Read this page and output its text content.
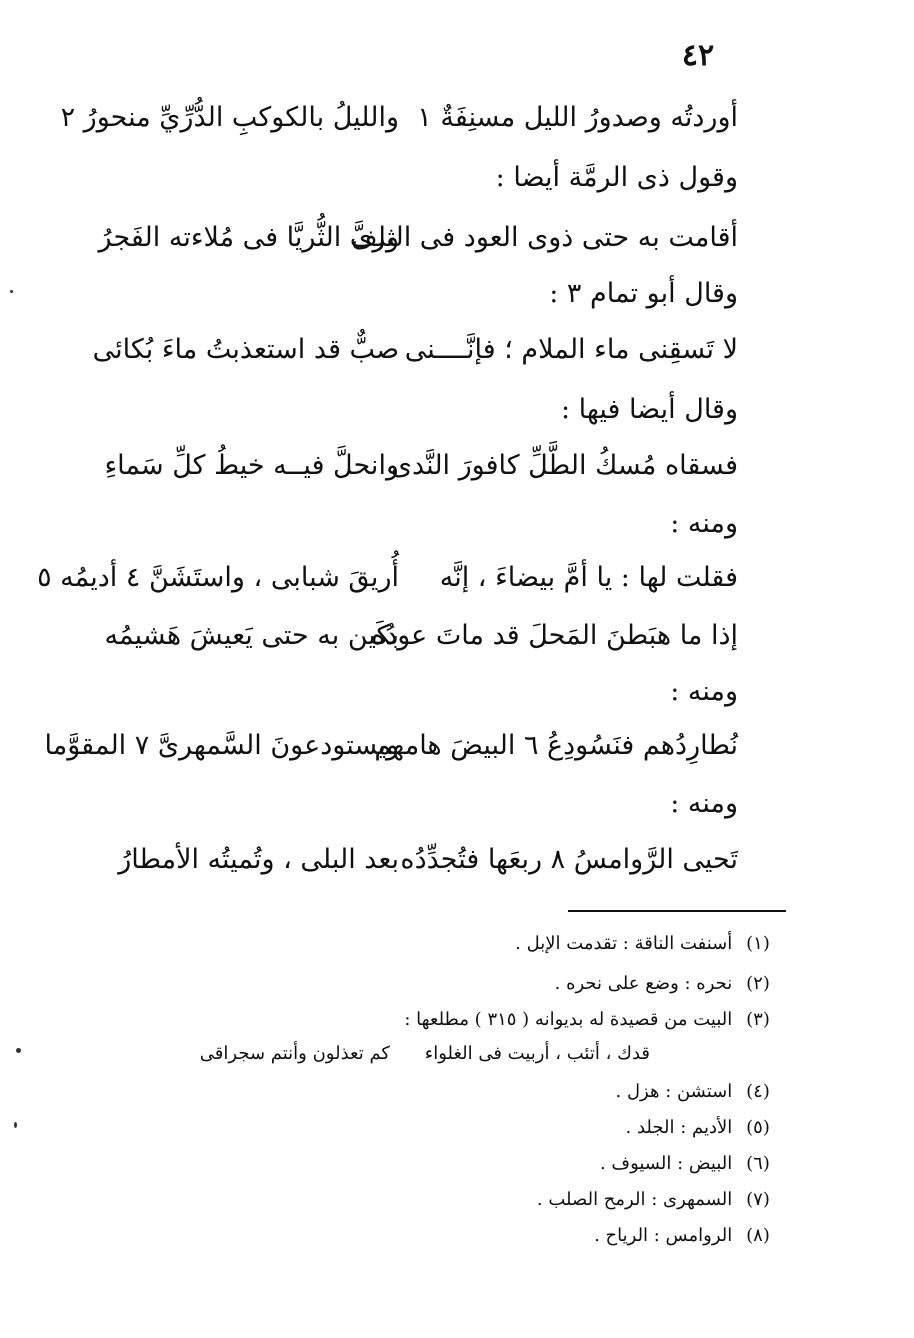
٤٢
أوردتُه وصدورُ الليل مسنِفَةٌ ١
والليلُ بالكوكبِ الدُّرِّيِّ منحورُ ٢
وقول ذى الرمَّة أيضا :
أقامت به حتى ذوى العود فى الثرى
ولفَّ الثُّريَّا فى مُلاءته الفَجرُ
وقال أبو تمام ٣ :
لا تَسقِنى ماء الملام ؛ فإنَّــــنى
صبٌّ قد استعذبتُ ماءَ بُكائى
وقال أيضا فيها :
فسقاه مُسكُ الطَّلِّ كافورَ النَّدى
وانحلَّ فيــه خيطُ كلِّ سَماءِ
ومنه :
فقلت لها : يا أمَّ بيضاءَ ، إنَّه
أُريقَ شبابى ، واستَشَنَّ ٤ أديمُه ٥
إذا ما هبَطنَ المَحلَ قد ماتَ عودُه
بكَين به حتى يَعيشَ هَشيمُه
ومنه :
نُطارِدُهم فنَسُودِعُ ٦ البيضَ هامهم
ويستودعونَ السَّمهرىَّ ٧ المقوَّما
ومنه :
تَحيى الرَّوامسُ ٨ ربعَها فتُجدِّدُه
بعد البلى ، وتُميتُه الأمطارُ
(١) أسنفت الناقة : تقدمت الإبل .
(٢) نحره : وضع على نحره .
(٣) البيت من قصيدة له بديوانه ( ٣١٥ ) مطلعها :
قدك ، أتئب ، أربيت فى الغلواء
كم تعذلون وأنتم سجراقى
(٤) استشن : هزل .
(٥) الأديم : الجلد .
(٦) البيض : السيوف .
(٧) السمهرى : الرمح الصلب .
(٨) الروامس : الرياح .
